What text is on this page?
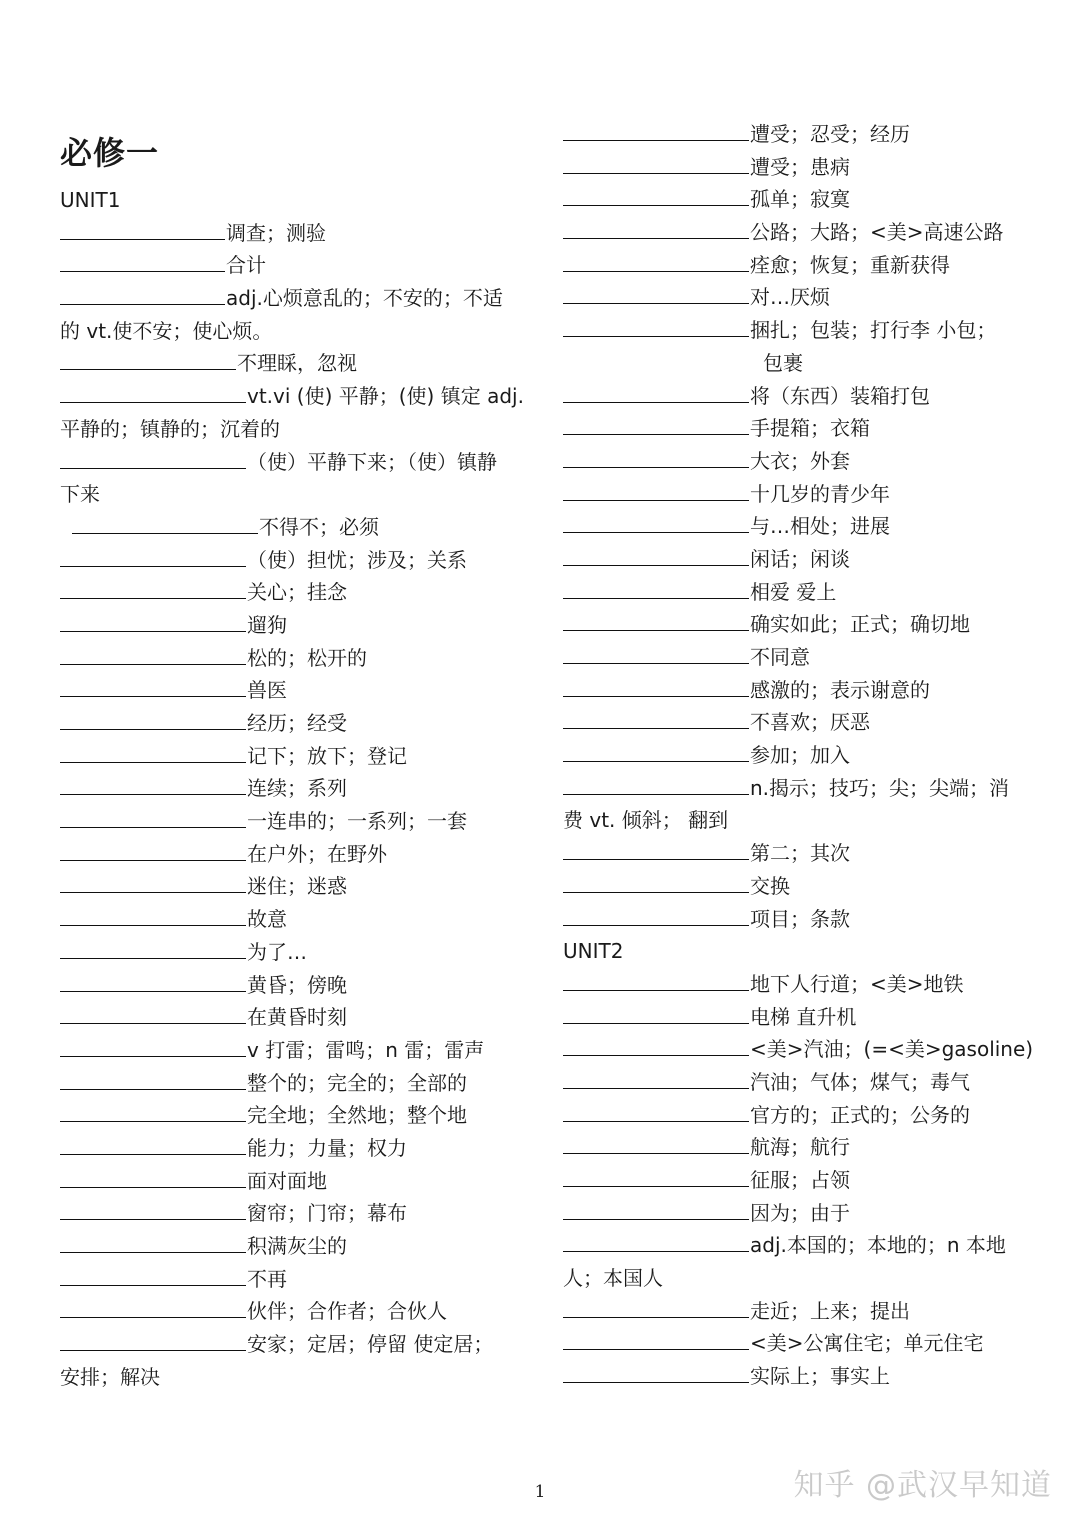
必修一
UNIT1
调查；测验
合计
adj.心烦意乱的；不安的；不适
的 vt.使不安；使心烦。
不理睬，忽视
vt.vi (使) 平静；(使) 镇定 adj.
平静的；镇静的；沉着的
（使）平静下来；（使）镇静
下来
不得不；必须
（使）担忧；涉及；关系
关心；挂念
遛狗
松的；松开的
兽医
经历；经受
记下；放下；登记
连续；系列
一连串的；一系列；一套
在户外；在野外
迷住；迷惑
故意
为了…
黄昏；傍晚
在黄昏时刻
v 打雷；雷鸣；n 雷；雷声
整个的；完全的；全部的
完全地；全然地；整个地
能力；力量；权力
面对面地
窗帘；门帘；幕布
积满灰尘的
不再
伙伴；合作者；合伙人
安家；定居；停留 使定居；
安排；解决
遭受；忍受；经历
遭受；患病
孤单；寂寞
公路；大路；<美>高速公路
痊愈；恢复；重新获得
对…厌烦
捆扎；包装；打行李 小包；
包裹
将（东西）装箱打包
手提箱；衣箱
大衣；外套
十几岁的青少年
与…相处；进展
闲话；闲谈
相爱 爱上
确实如此；正式；确切地
不同意
感激的；表示谢意的
不喜欢；厌恶
参加；加入
n.揭示；技巧；尖；尖端；消
费 vt. 倾斜； 翻到
第二；其次
交换
项目；条款
UNIT2
地下人行道；<美>地铁
电梯 直升机
<美>汽油；(=<美>gasoline)
汽油；气体；煤气；毒气
官方的；正式的；公务的
航海；航行
征服；占领
因为；由于
adj.本国的；本地的；n 本地
人；本国人
走近；上来；提出
<美>公寓住宅；单元住宅
实际上；事实上
1	知乎 @武汉早知道
